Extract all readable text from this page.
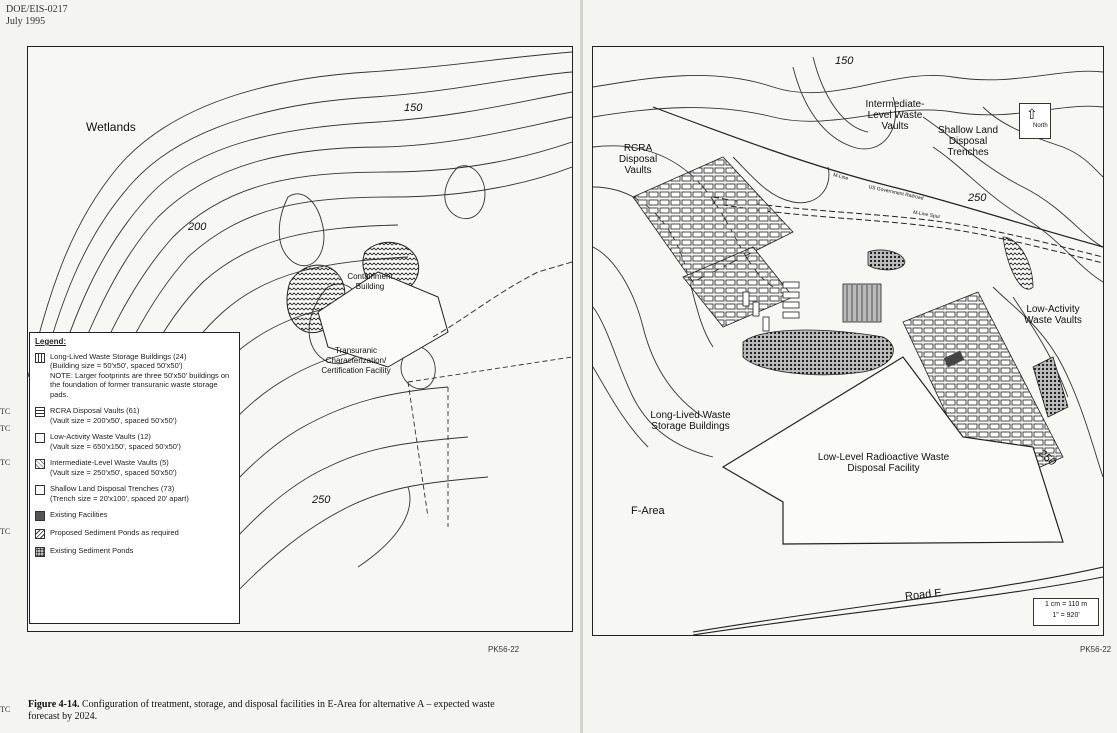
DOE/EIS-0217
July 1995
Wetlands
Containment Building
Transuranic Characterization/ Certification Facility
150
200
250
Legend:
Long-Lived Waste Storage Buildings (24)
(Building size = 50'x50', spaced 50'x50')
NOTE: Larger footprints are three 50'x50' buildings on the foundation of former transuranic waste storage pads.
RCRA Disposal Vaults (61)
(Vault size = 200'x50', spaced 50'x50')
Low-Activity Waste Vaults (12)
(Vault size = 650'x150', spaced 50'x50')
Intermediate-Level Waste Vaults (5)
(Vault size = 250'x50', spaced 50'x50')
Shallow Land Disposal Trenches (73)
(Trench size = 20'x100', spaced 20' apart)
Existing Facilities
Proposed Sediment Ponds as required
Existing Sediment Ponds
PK56-22
RCRA Disposal Vaults
Intermediate- Level Waste Vaults	Shallow Land Disposal Trenches
Low-Activity Waste Vaults
Long-Lived Waste Storage Buildings
Low-Level Radioactive Waste Disposal Facility
F-Area
M-Line
US Government Railroad
M-Line Spur
150
250
250
Road E
⇧
North
1 cm = 110 m
1" = 920'
PK56-22
TC
TC
TC
TC
TC Figure 4-14. Configuration of treatment, storage, and disposal facilities in E-Area for alternative A – expected waste forecast by 2024.
